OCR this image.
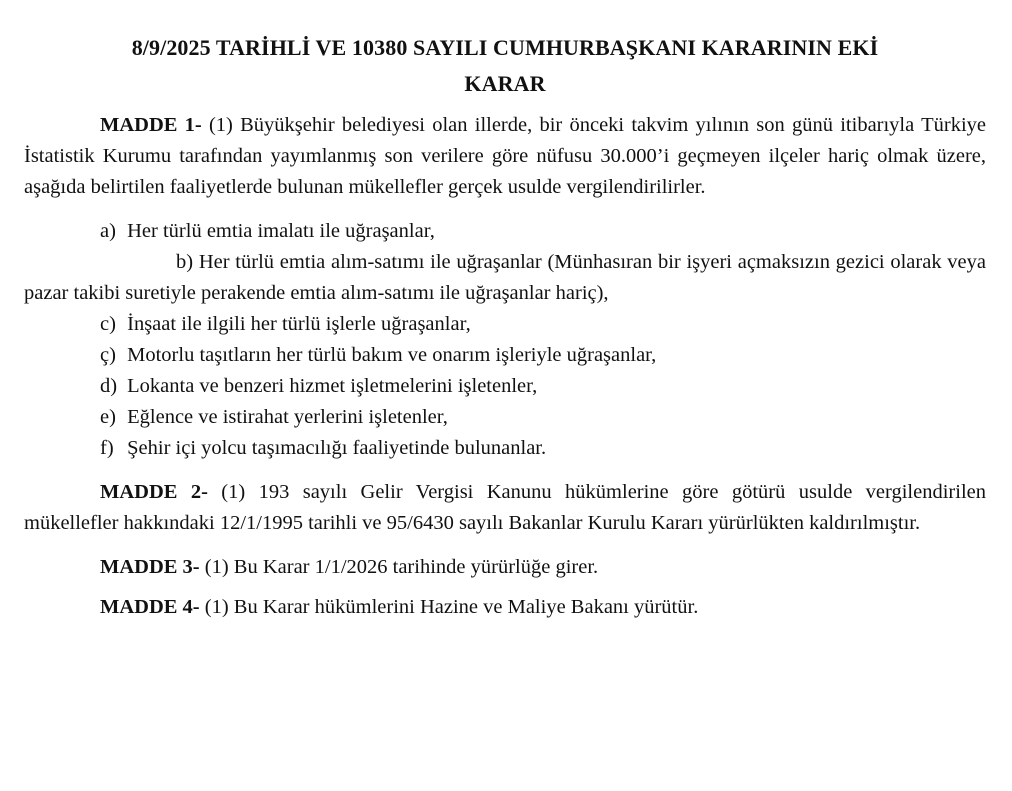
8/9/2025 TARİHLİ VE 10380 SAYILI CUMHURBAŞKANI KARARININ EKİ
KARAR

MADDE 1- (1) Büyükşehir belediyesi olan illerde, bir önceki takvim yılının son günü itibarıyla Türkiye İstatistik Kurumu tarafından yayımlanmış son verilere göre nüfusu 30.000’i geçmeyen ilçeler hariç olmak üzere, aşağıda belirtilen faaliyetlerde bulunan mükellefler gerçek usulde vergilendirilirler.

a) Her türlü emtia imalatı ile uğraşanlar,

b) Her türlü emtia alım-satımı ile uğraşanlar (Münhasıran bir işyeri açmaksızın gezici olarak veya pazar takibi suretiyle perakende emtia alım-satımı ile uğraşanlar hariç),

c) İnşaat ile ilgili her türlü işlerle uğraşanlar,

ç) Motorlu taşıtların her türlü bakım ve onarım işleriyle uğraşanlar,

d) Lokanta ve benzeri hizmet işletmelerini işletenler,

e) Eğlence ve istirahat yerlerini işletenler,

f) Şehir içi yolcu taşımacılığı faaliyetinde bulunanlar.

MADDE 2- (1) 193 sayılı Gelir Vergisi Kanunu hükümlerine göre götürü usulde vergilendirilen mükellefler hakkındaki 12/1/1995 tarihli ve 95/6430 sayılı Bakanlar Kurulu Kararı yürürlükten kaldırılmıştır.

MADDE 3- (1) Bu Karar 1/1/2026 tarihinde yürürlüğe girer.

MADDE 4- (1) Bu Karar hükümlerini Hazine ve Maliye Bakanı yürütür.
